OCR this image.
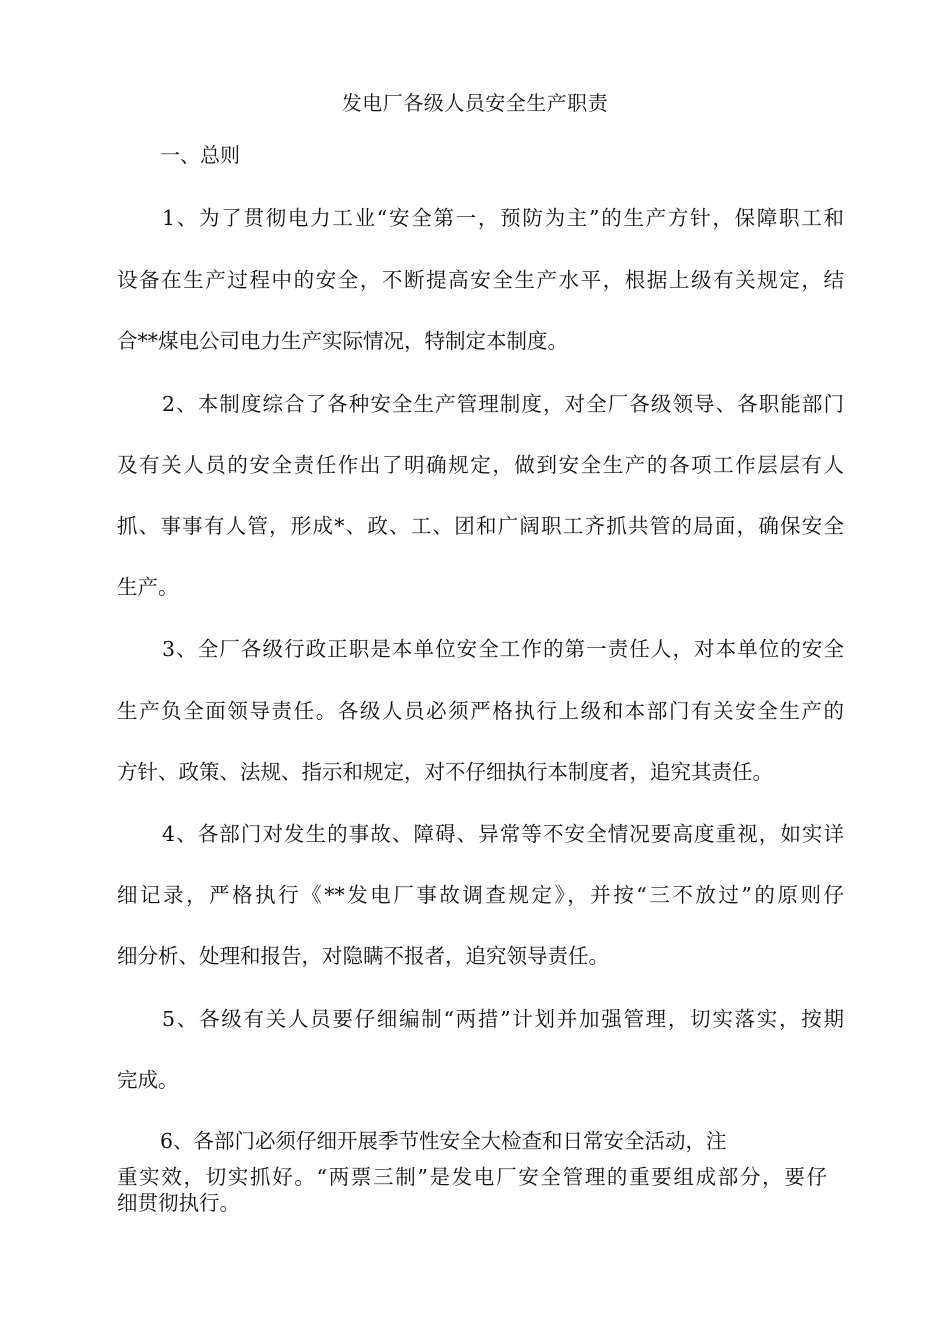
发电厂各级人员安全生产职责
一、总则
1、为了贯彻电力工业“安全第一，预防为主”的生产方针，保障职工和
设备在生产过程中的安全，不断提高安全生产水平，根据上级有关规定，结
合**煤电公司电力生产实际情况，特制定本制度。
2、本制度综合了各种安全生产管理制度，对全厂各级领导、各职能部门
及有关人员的安全责任作出了明确规定，做到安全生产的各项工作层层有人
抓、事事有人管，形成*、政、工、团和广阔职工齐抓共管的局面，确保安全
生产。
3、全厂各级行政正职是本单位安全工作的第一责任人，对本单位的安全
生产负全面领导责任。各级人员必须严格执行上级和本部门有关安全生产的
方针、政策、法规、指示和规定，对不仔细执行本制度者，追究其责任。
4、各部门对发生的事故、障碍、异常等不安全情况要高度重视，如实详
细记录，严格执行《**发电厂事故调查规定》，并按“三不放过”的原则仔
细分析、处理和报告，对隐瞒不报者，追究领导责任。
5、各级有关人员要仔细编制“两措”计划并加强管理，切实落实，按期
完成。
6、各部门必须仔细开展季节性安全大检查和日常安全活动，注
重实效，切实抓好。“两票三制”是发电厂安全管理的重要组成部分，要仔
细贯彻执行。
